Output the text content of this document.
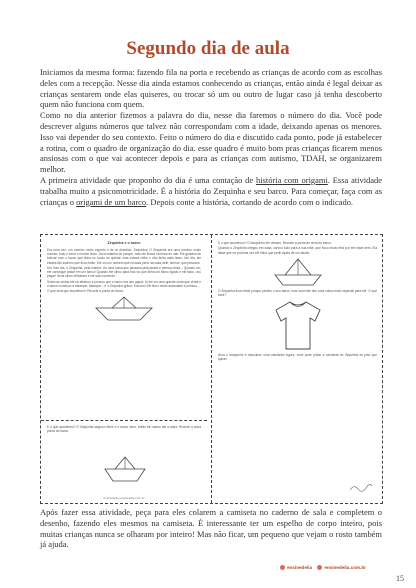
Segundo dia de aula

Iniciamos da mesma forma: fazendo fila na porta e recebendo as crianças de acordo com as escolhas deles com a recepção. Nesse dia ainda estamos conhecendo as crianças, então ainda é legal deixar as crianças sentarem onde elas quiseres, ou trocar só um ou outro de lugar caso já tenha descoberto quem não funciona com quem.

Como no dia anterior fizemos a palavra do dia, nesse dia faremos o número do dia. Você pode descrever alguns números que talvez não correspondam com a idade, deixando apenas os menores. Isso vai depender do seu contexto. Feito o número do dia e discutido cada ponto, pode já estabelecer a rotina, com o quadro de organização do dia. esse quadro é muito bom pras crianças ficarem menos ansiosas com o que vai acontecer depois e para as crianças com autismo, TDAH, se organizarem melhor.

A primeira atividade que proponho do dia é uma contação de história com origami. Essa atividade trabalha muito a psicomotricidade. É a história do Zequinha e seu barco. Para começar, faça com as crianças o origami de um barco. Depois conte a história, cortando de acordo com o indicado.

Zequinha e o barco

Era uma vez, um menino muito esperto e de ar divertido. Zequinha! O Zequinha era uma menino muito curioso, tudo o toma o mundo lindo. Da montanha do parque, mas ele ficava na beira do mar. Ele gostava de brincar com o barco que tinha no fundo do quintal, mas estava velho e não tinha mais remo. Um dia, ele estava tão sozinho que ficou triste. Ele viu um homem que morava perto da casa dele, senhor, que pescava.

Um bom dia, o Zequinha, pela manhã, viu uma coisa que passava pela janela e pensou essa... Quando viu, ele consegue andar em um barco! Quando ele olhou para trás viu que tinha um barco ligado e ele falou: vou pegar! Seus olhos brilharam e ele saiu correndo.

Sobre as ondas ele se abaixou e pensou que o barco era seu agora. Ai ele viu uma grande onda que vinha e o barco começou a balançar, balançar... e o Zequinha gritou: Socorro! Ele ficou muito assustado e pensou...

O que será que aconteceu? Recorte a ponta do barco.

E o que aconteceu? O Zequinha segurou firme e o barco virou, então ele nadou até a areia. Recorte a outra ponta do barco.

ensinedelia ensinedelia.com.br

E o que aconteceu? O barquinho ele desceu. Recorte a ponta de cima do barco.

Quando o Zequinha chegou em casa, contou tudo para a sua mãe, que ficou muito feliz por ele estar bem. Ela disse que na próxima vez ele tinha que pedir ajuda de um adulto.

O Zequinha ficou triste porque perdeu o seu barco, mas sua mãe deu uma coisa muito especial para ele. O que será?

Abra o barquinho e descubra: uma camiseta! Agora, você pode pintar a camiseta do Zequinha do jeito que quiser.

Após fazer essa atividade, peça para eles colarem a camiseta no caderno de sala e completem o desenho, fazendo eles mesmos na camiseta. É interessante ter um espelho de corpo inteiro, pois muitas crianças nunca se olharam por inteiro! Mas não ficar, um pequeno que vejam o rosto também já ajuda.

ensinedelia	ensinedelia.com.br
15
